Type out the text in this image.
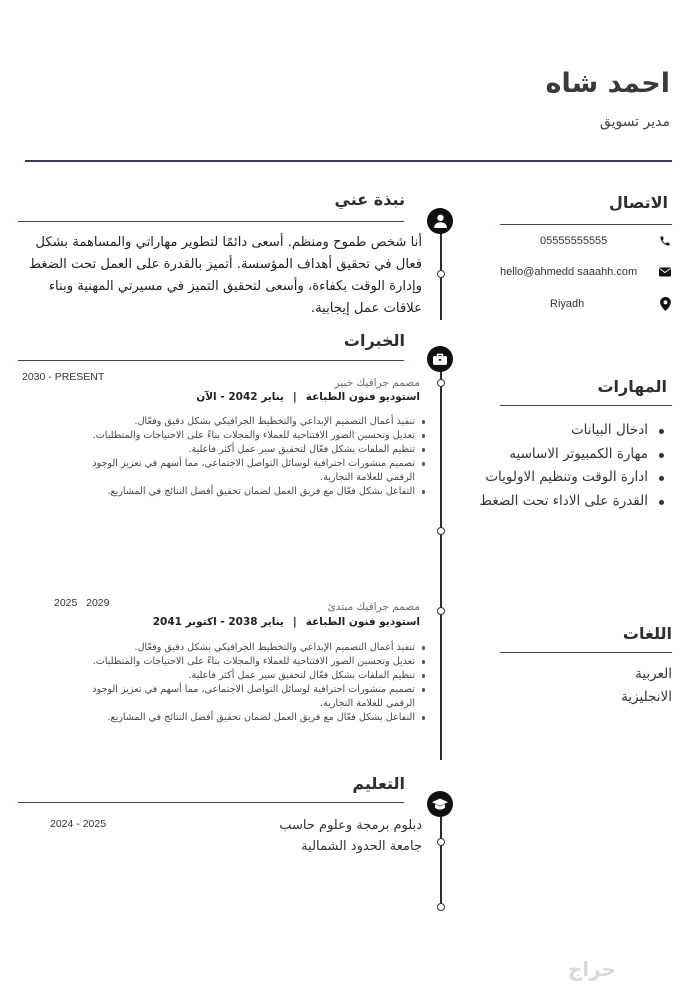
احمد شاه
مدير تسويق
الاتصال
05555555555
hello@ahmedd saaahh.com
Riyadh
المهارات
ادخال البيانات
مهارة الكمبيوتر الاساسيه
ادارة الوقت وتنظيم الاولويات
القدرة على الاداء تحت الضغط
اللغات
العربية
الانجليزية
نبذة عني

أنا شخص طموح ومنظم. أسعى دائمًا لتطوير مهاراتي والمساهمة بشكل فعال في تحقيق أهداف المؤسسة. أتميز بالقدرة على العمل تحت الضغط وإدارة الوقت بكفاءة، وأسعى لتحقيق التميز في مسيرتي المهنية وبناء علاقات عمل إيجابية.

الخبرات
2030 - PRESENT	مصمم جرافيك خبير
استوديو فنون الطباعة
|
يناير 2042 - الآن
تنفيذ أعمال التصميم الإبداعي والتخطيط الجرافيكي بشكل دقيق وفعّال.
تعديل وتحسين الصور الافتتاحية للعملاء والمجلات بناءً على الاحتياجات والمتطلبات.
تنظيم الملفات بشكل فعّال لتحقيق سير عمل أكثر فاعلية.
تصميم منشورات احترافية لوسائل التواصل الاجتماعي، مما أسهم في تعزيز الوجود الرقمي للعلامة التجارية.
التفاعل بشكل فعّال مع فريق العمل لضمان تحقيق أفضل النتائج في المشاريع.
2025   2029	مصمم جرافيك مبتدئ
استوديو فنون الطباعة
|
يناير 2038 - اكتوبر 2041
تنفيذ أعمال التصميم الإبداعي والتخطيط الجرافيكي بشكل دقيق وفعّال.
تعديل وتحسين الصور الافتتاحية للعملاء والمجلات بناءً على الاحتياجات والمتطلبات.
تنظيم الملفات بشكل فعّال لتحقيق سير عمل أكثر فاعلية.
تصميم منشورات احترافية لوسائل التواصل الاجتماعي، مما أسهم في تعزيز الوجود الرقمي للعلامة التجارية.
التفاعل بشكل فعّال مع فريق العمل لضمان تحقيق أفضل النتائج في المشاريع.
التعليم
دبلوم برمجة وعلوم حاسب
جامعة الحدود الشمالية
2024 - 2025
حراج
